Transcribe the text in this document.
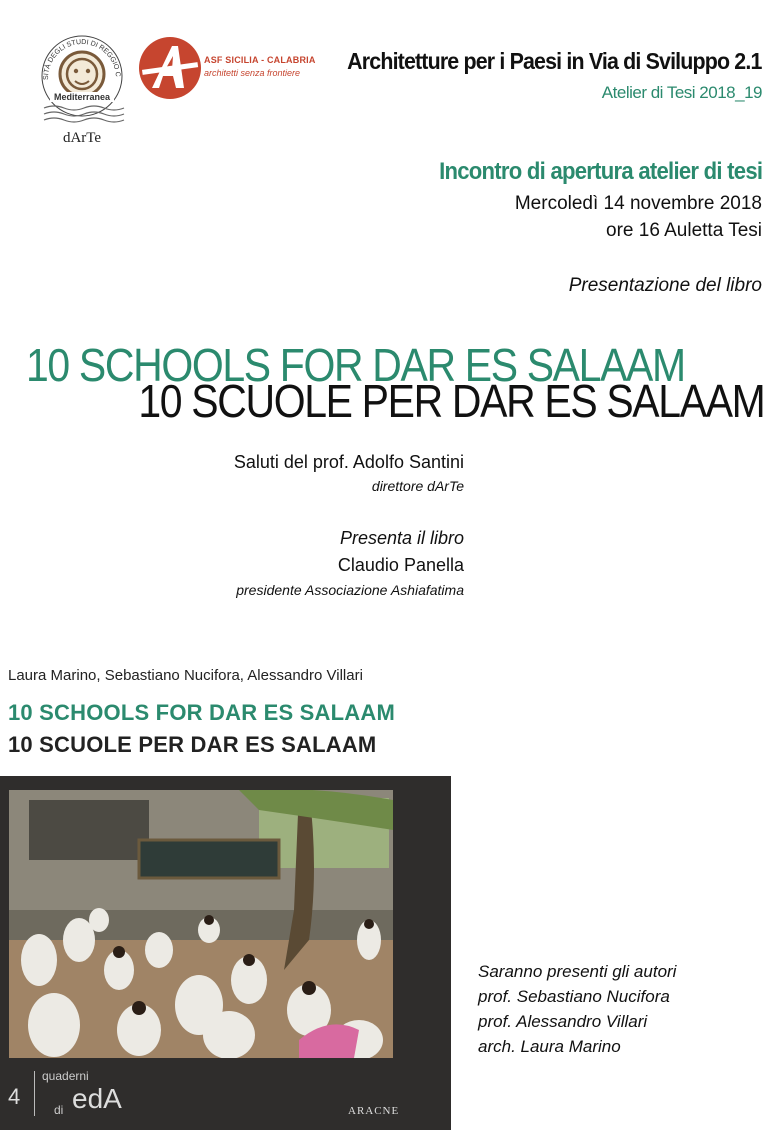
SITÀ DEGLI STUDI DI REGGIO C
Mediterranea
dArTe
ASF SICILIA - CALABRIA
architetti senza frontiere Architetture per i Paesi in Via di Sviluppo 2.1
Atelier di Tesi 2018_19
Incontro di apertura atelier di tesi
Mercoledì 14 novembre 2018
ore 16 Auletta Tesi
Presentazione del libro
10 SCHOOLS FOR DAR ES SALAAM
10 SCUOLE PER DAR ES SALAAM
Saluti del prof. Adolfo Santini
direttore dArTe
Presenta il libro
Claudio Panella
presidente Associazione Ashiafatima
Laura Marino, Sebastiano Nucifora, Alessandro Villari
10 SCHOOLS FOR DAR ES SALAAM
10 SCUOLE PER DAR ES SALAAM
4
quaderni
di edA	ARACNE
Saranno presenti gli autori
prof. Sebastiano Nucifora
prof. Alessandro Villari
arch. Laura Marino
